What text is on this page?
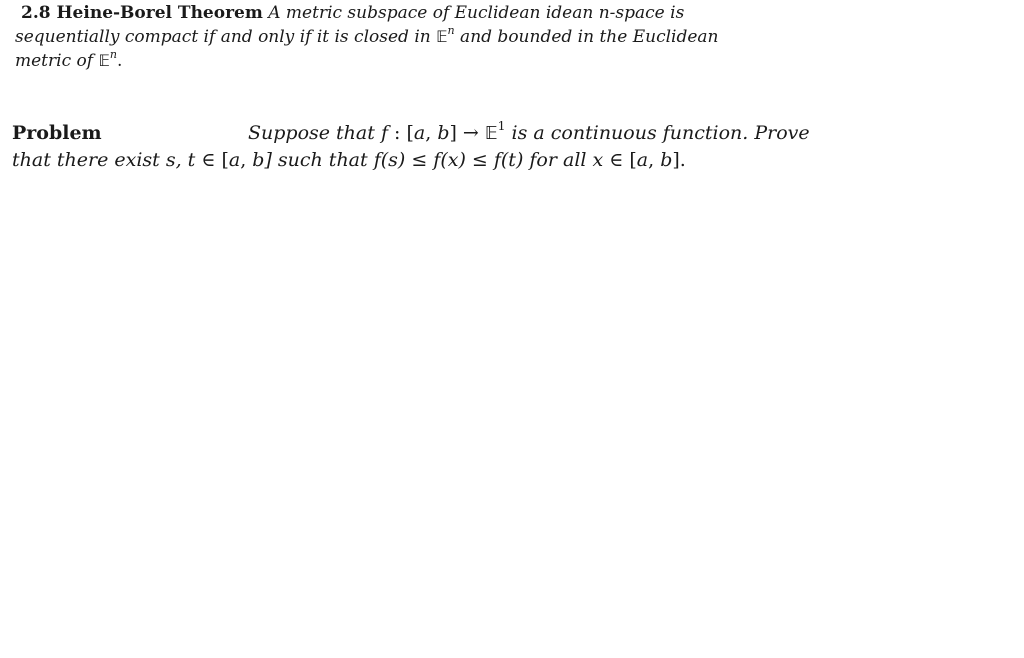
2.8 Heine-Borel Theorem A metric subspace of Euclidean idean n-space is
sequentially compact if and only if it is closed in 𝔼$^n$ and bounded in the Euclidean
metric of 𝔼$^n$.
Problem	Suppose that f : [a, b] → 𝔼$^1$ is a continuous function. Prove
that there exist s, t ∈ [a, b] such that f(s) ≤ f(x) ≤ f(t) for all x ∈ [a, b].
